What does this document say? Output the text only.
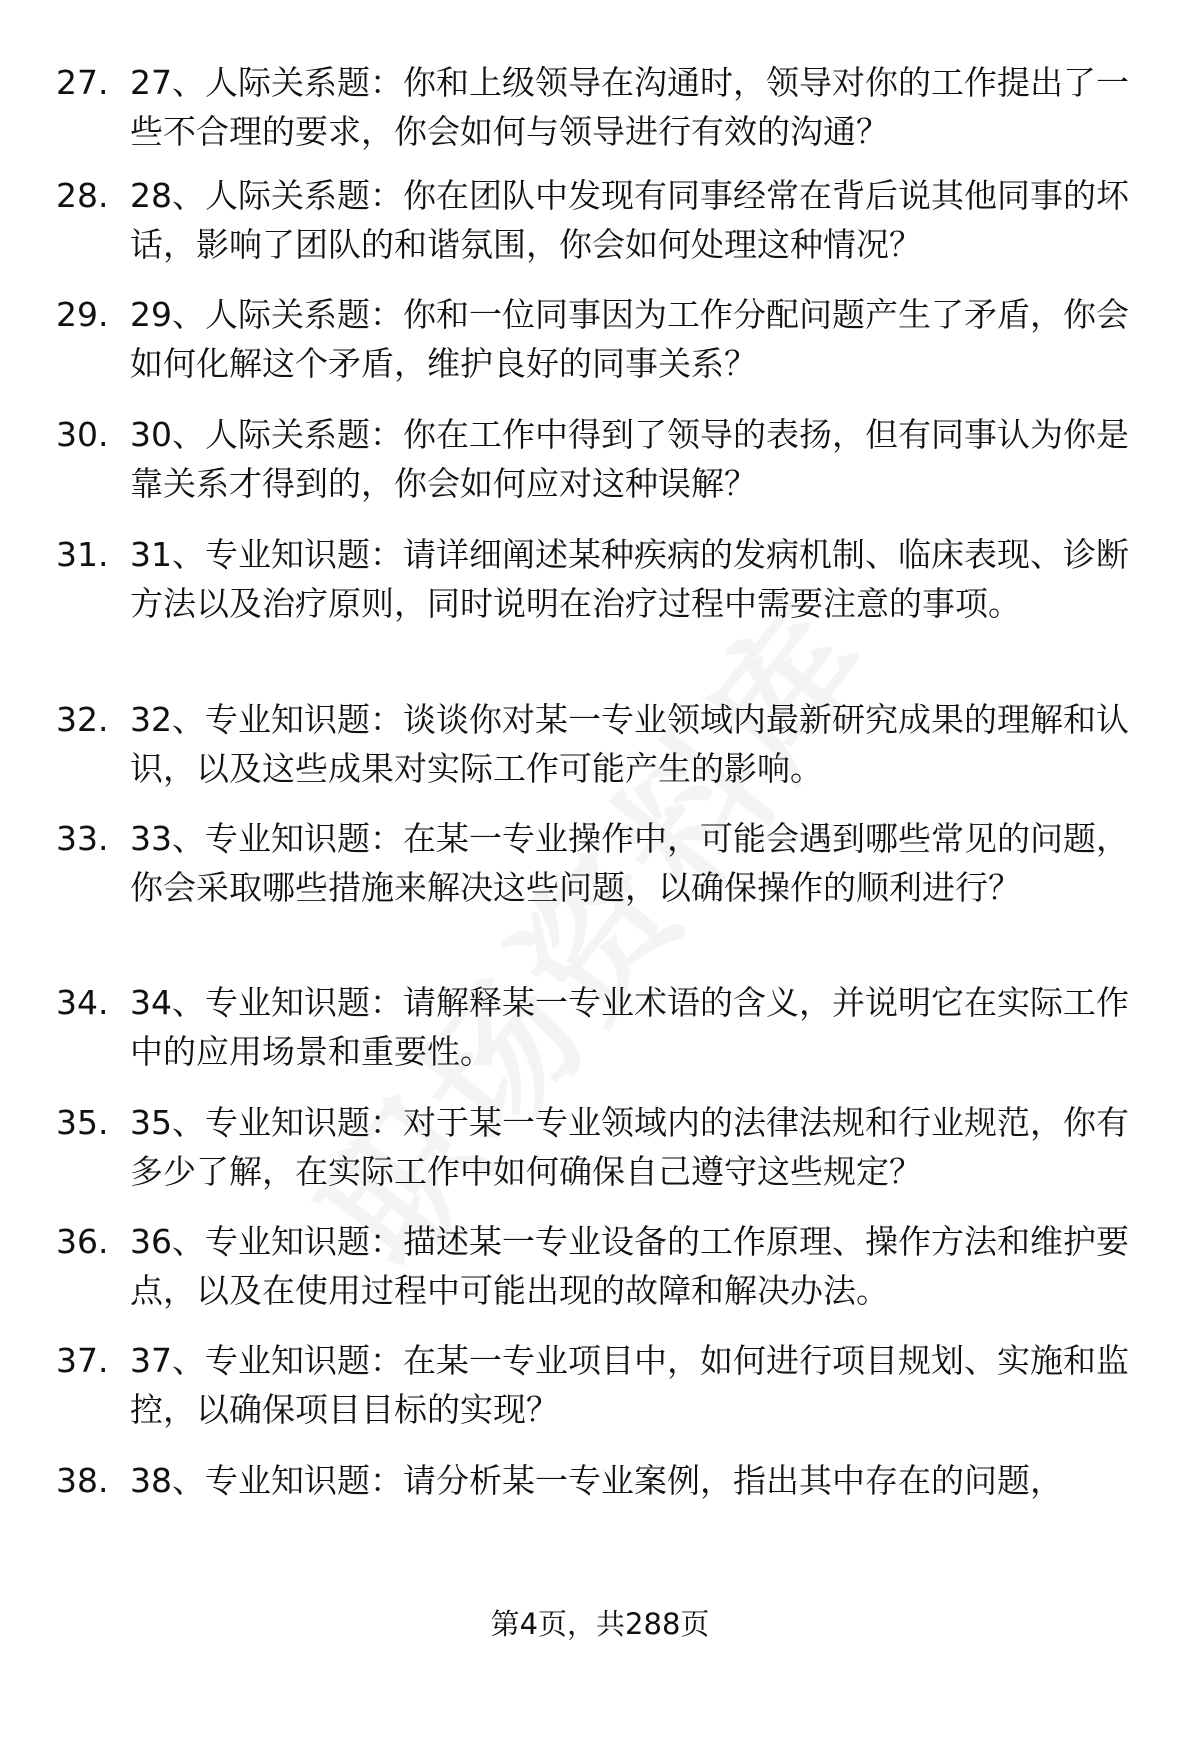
27. 27、人际关系题：你和上级领导在沟通时，领导对你的工作提出了一些不合理的要求，你会如何与领导进行有效的沟通？
28. 28、人际关系题：你在团队中发现有同事经常在背后说其他同事的坏话，影响了团队的和谐氛围，你会如何处理这种情况？
29. 29、人际关系题：你和一位同事因为工作分配问题产生了矛盾，你会如何化解这个矛盾，维护良好的同事关系？
30. 30、人际关系题：你在工作中得到了领导的表扬，但有同事认为你是靠关系才得到的，你会如何应对这种误解？
31. 31、专业知识题：请详细阐述某种疾病的发病机制、临床表现、诊断方法以及治疗原则，同时说明在治疗过程中需要注意的事项。
32. 32、专业知识题：谈谈你对某一专业领域内最新研究成果的理解和认识，以及这些成果对实际工作可能产生的影响。
33. 33、专业知识题：在某一专业操作中，可能会遇到哪些常见的问题，你会采取哪些措施来解决这些问题，以确保操作的顺利进行？
34. 34、专业知识题：请解释某一专业术语的含义，并说明它在实际工作中的应用场景和重要性。
35. 35、专业知识题：对于某一专业领域内的法律法规和行业规范，你有多少了解，在实际工作中如何确保自己遵守这些规定？
36. 36、专业知识题：描述某一专业设备的工作原理、操作方法和维护要点，以及在使用过程中可能出现的故障和解决办法。
37. 37、专业知识题：在某一专业项目中，如何进行项目规划、实施和监控，以确保项目目标的实现？
38. 38、专业知识题：请分析某一专业案例，指出其中存在的问题，
第4页，共288页
